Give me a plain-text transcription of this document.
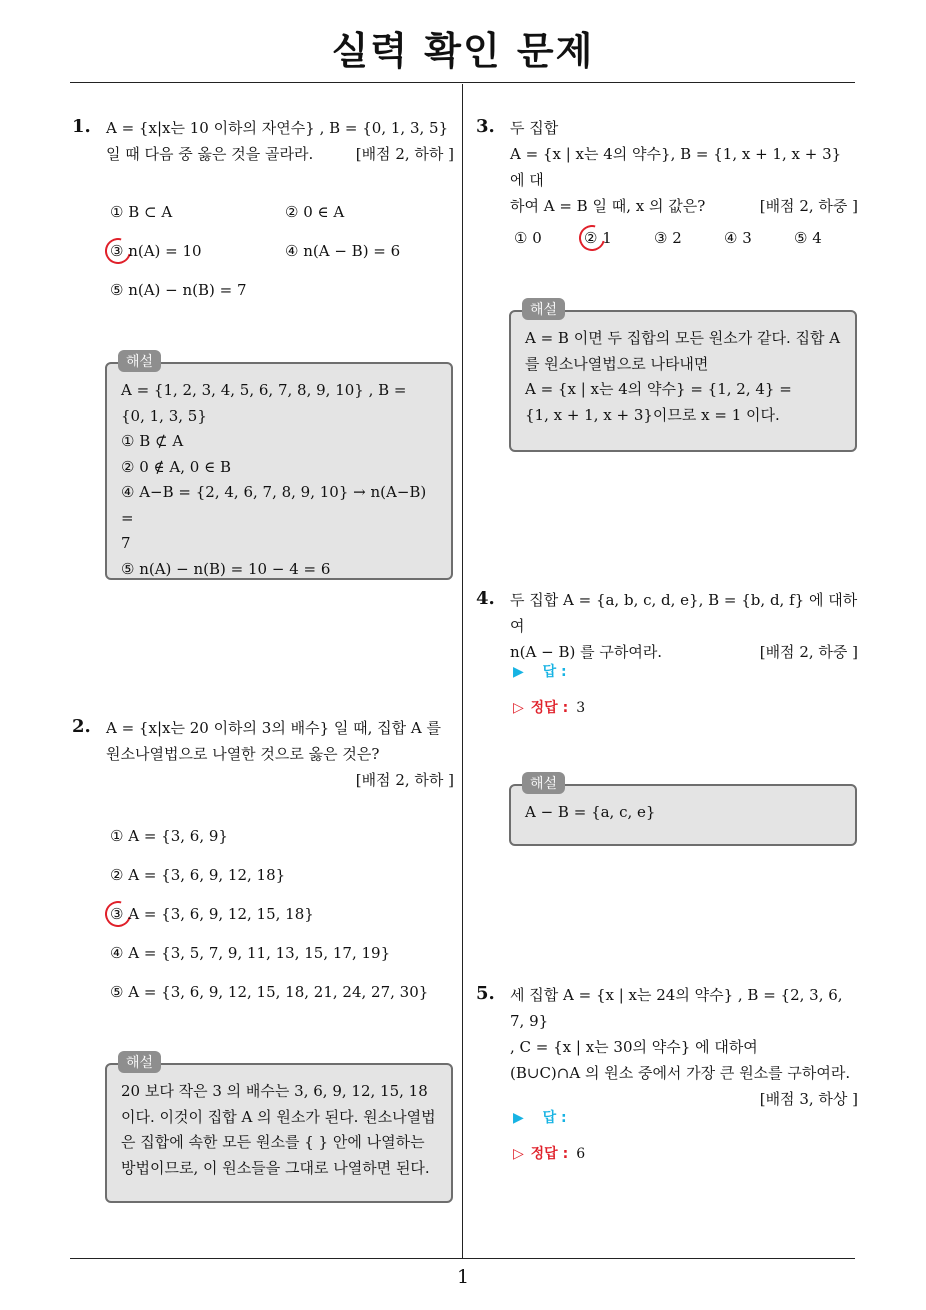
실력 확인 문제
1
1. A = {x|x는 10 이하의 자연수} , B = {0, 1, 3, 5}
일 때 다음 중 옳은 것을 골라라.	[배점 2, 하하 ]
① B ⊂ A	② 0 ∈ A
③ n(A) = 10	④ n(A − B) = 6
⑤ n(A) − n(B) = 7
A = {1, 2, 3, 4, 5, 6, 7, 8, 9, 10} , B =
{0, 1, 3, 5}
① B ⊄ A
② 0 ∉ A, 0 ∈ B
④ A−B = {2, 4, 6, 7, 8, 9, 10} → n(A−B) =
7
⑤ n(A) − n(B) = 10 − 4 = 6
해설
2. A = {x|x는 20 이하의 3의 배수} 일 때, 집합 A 를
원소나열법으로 나열한 것으로 옳은 것은?
[배점 2, 하하 ]
① A = {3, 6, 9}
② A = {3, 6, 9, 12, 18}
③ A = {3, 6, 9, 12, 15, 18}
④ A = {3, 5, 7, 9, 11, 13, 15, 17, 19}
⑤ A = {3, 6, 9, 12, 15, 18, 21, 24, 27, 30}
20 보다 작은 3 의 배수는 3, 6, 9, 12, 15, 18
이다. 이것이 집합 A 의 원소가 된다. 원소나열법
은 집합에 속한 모든 원소를 { } 안에 나열하는
방법이므로, 이 원소들을 그대로 나열하면 된다.
해설
3. 두 집합
A = {x | x는 4의 약수}, B = {1, x + 1, x + 3} 에 대
하여 A = B 일 때, x 의 값은?	[배점 2, 하중 ]
① 0	② 1	③ 2	④ 3	⑤ 4
A = B 이면 두 집합의 모든 원소가 같다. 집합 A
를 원소나열법으로 나타내면
A = {x | x는 4의 약수} = {1, 2, 4} =
{1, x + 1, x + 3}이므로 x = 1 이다.
해설
4. 두 집합 A = {a, b, c, d, e}, B = {b, d, f} 에 대하여
n(A − B) 를 구하여라.	[배점 2, 하중 ]
▶ 답 :
▷ 정답 : 3
A − B = {a, c, e}
해설
5. 세 집합 A = {x | x는 24의 약수} , B = {2, 3, 6, 7, 9}
, C = {x | x는 30의 약수} 에 대하여
(B∪C)∩A 의 원소 중에서 가장 큰 원소를 구하여라.
[배점 3, 하상 ]
▶ 답 :
▷ 정답 : 6
